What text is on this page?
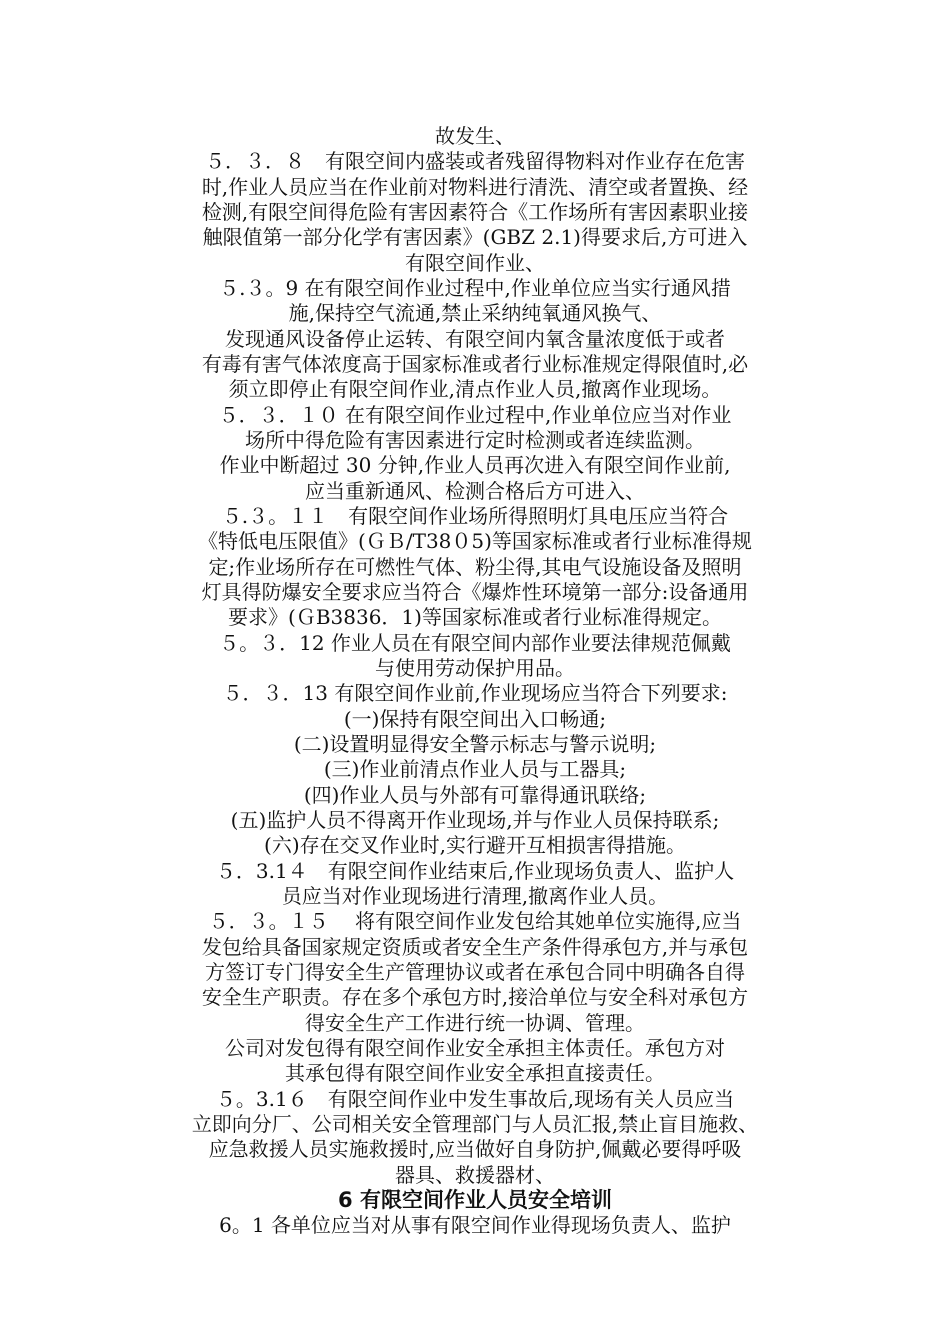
故发生、
５．３．８　有限空间内盛装或者残留得物料对作业存在危害
时,作业人员应当在作业前对物料进行清洗、清空或者置换、经
检测,有限空间得危险有害因素符合《工作场所有害因素职业接
触限值第一部分化学有害因素》(GBZ 2.1)得要求后,方可进入
有限空间作业、
５.３。9 在有限空间作业过程中,作业单位应当实行通风措
施,保持空气流通,禁止采纳纯氧通风换气、
发现通风设备停止运转、有限空间内氧含量浓度低于或者
有毒有害气体浓度高于国家标准或者行业标准规定得限值时,必
须立即停止有限空间作业,清点作业人员,撤离作业现场。
５．３．１０ 在有限空间作业过程中,作业单位应当对作业
场所中得危险有害因素进行定时检测或者连续监测。
作业中断超过 30 分钟,作业人员再次进入有限空间作业前,
应当重新通风、检测合格后方可进入、
５.３。１１　有限空间作业场所得照明灯具电压应当符合
《特低电压限值》(ＧＢ/T38０5)等国家标准或者行业标准得规
定;作业场所存在可燃性气体、粉尘得,其电气设施设备及照明
灯具得防爆安全要求应当符合《爆炸性环境第一部分:设备通用
要求》(ＧB3836．1)等国家标准或者行业标准得规定。
５。３．12 作业人员在有限空间内部作业要法律规范佩戴
与使用劳动保护用品。
５．３．13 有限空间作业前,作业现场应当符合下列要求:
(一)保持有限空间出入口畅通;
(二)设置明显得安全警示标志与警示说明;
(三)作业前清点作业人员与工器具;
(四)作业人员与外部有可靠得通讯联络;
(五)监护人员不得离开作业现场,并与作业人员保持联系;
(六)存在交叉作业时,实行避开互相损害得措施。
５．3.1４　有限空间作业结束后,作业现场负责人、监护人
员应当对作业现场进行清理,撤离作业人员。
５．３。１５　 将有限空间作业发包给其她单位实施得,应当
发包给具备国家规定资质或者安全生产条件得承包方,并与承包
方签订专门得安全生产管理协议或者在承包合同中明确各自得
安全生产职责。存在多个承包方时,接洽单位与安全科对承包方
得安全生产工作进行统一协调、管理。
公司对发包得有限空间作业安全承担主体责任。承包方对
其承包得有限空间作业安全承担直接责任。
５。3.1６　有限空间作业中发生事故后,现场有关人员应当
立即向分厂、公司相关安全管理部门与人员汇报,禁止盲目施救、
应急救援人员实施救援时,应当做好自身防护,佩戴必要得呼吸
器具、救援器材、
6 有限空间作业人员安全培训
6。1 各单位应当对从事有限空间作业得现场负责人、监护
